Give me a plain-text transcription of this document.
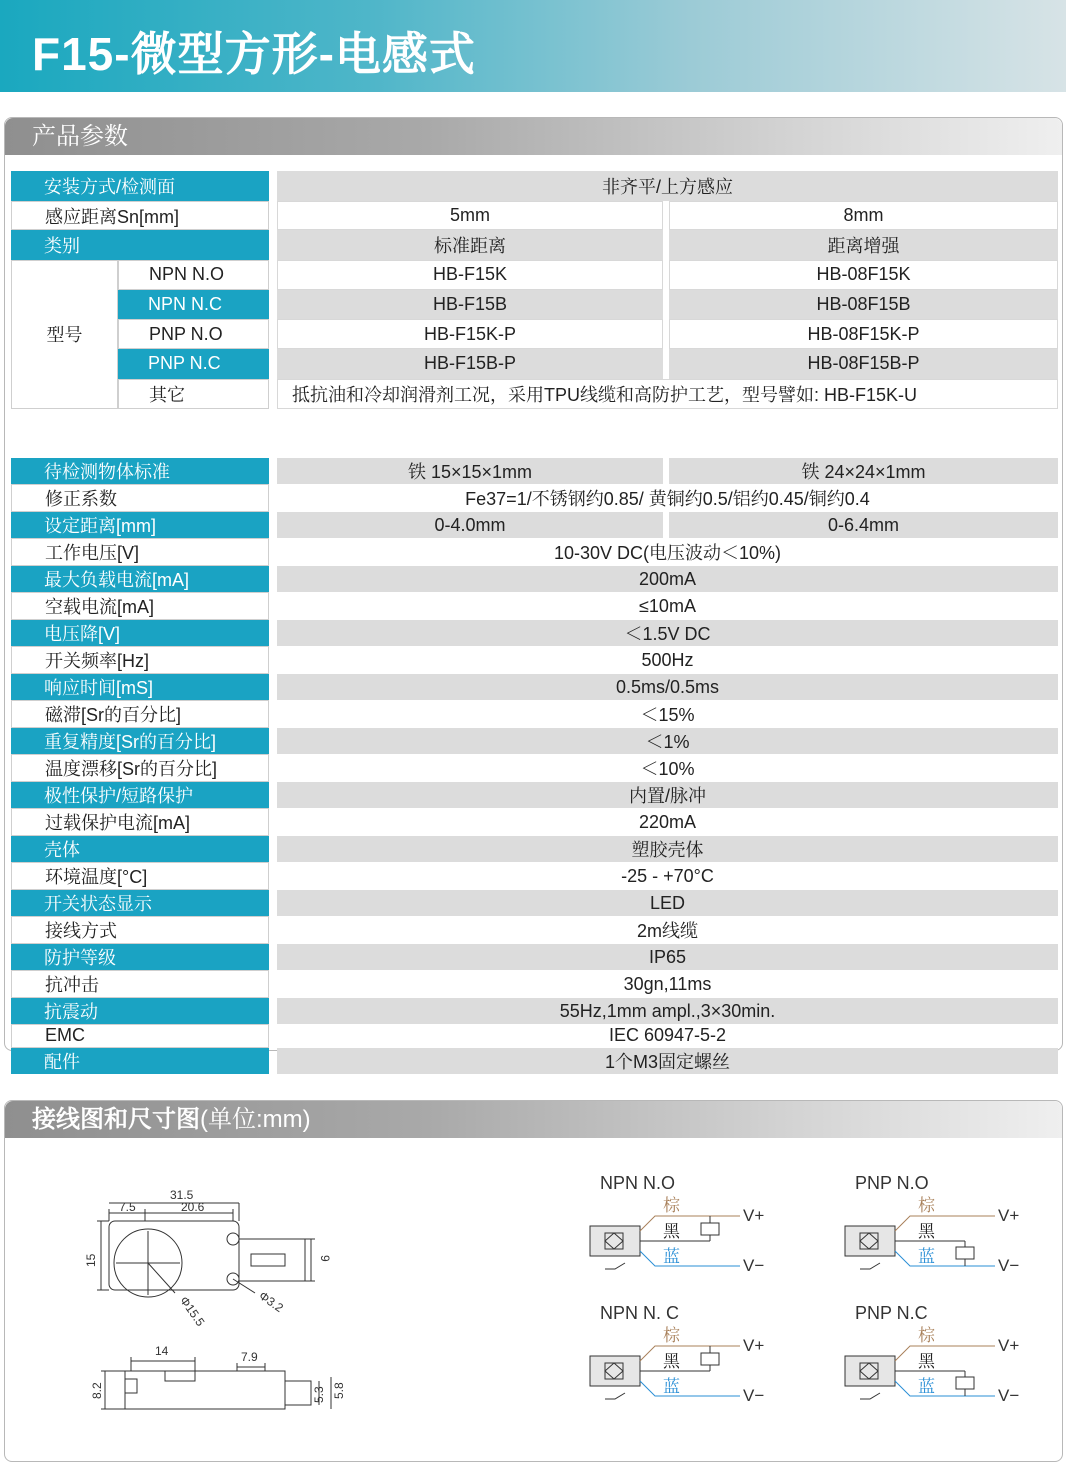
F15-微型方形-电感式
产品参数
安装方式/检测面			非齐平/上方感应		
感应距离Sn[mm]			5mm		8mm
类别			标准距离		距离增强
型号	NPN N.O		HB-F15K		HB-08F15K
	NPN N.C		HB-F15B		HB-08F15B
	PNP N.O		HB-F15K-P		HB-08F15K-P
	PNP N.C		HB-F15B-P		HB-08F15B-P
	其它		抵抗油和冷却润滑剂工况，采用TPU线缆和高防护工艺，型号譬如: HB-F15K-U		
待检测物体标准		铁 15×15×1mm		铁 24×24×1mm
修正系数		Fe37=1/不锈钢约0.85/ 黄铜约0.5/铝约0.45/铜约0.4		
设定距离[mm]		0-4.0mm		0-6.4mm
工作电压[V]		10-30V DC(电压波动＜10%)		
最大负载电流[mA]		200mA		
空载电流[mA]		≤10mA		
电压降[V]		＜1.5V DC		
开关频率[Hz]		500Hz		
响应时间[mS]		0.5ms/0.5ms		
磁滞[Sr的百分比]		＜15%		
重复精度[Sr的百分比]		＜1%		
温度漂移[Sr的百分比]		＜10%		
极性保护/短路保护		内置/脉冲		
过载保护电流[mA]		220mA		
壳体		塑胶壳体		
环境温度[°C]		-25 - +70°C		
开关状态显示		LED		
接线方式		2m线缆		
防护等级		IP65		
抗冲击		30gn,11ms		
抗震动		55Hz,1mm ampl.,3×30min.		
EMC		IEC 60947-5-2		
配件		1个M3固定螺丝		
接线图和尺寸图(单位:mm)
31.5
7.5	20.6
15	9
Φ15.5	Φ3.2
14	7.9
8.2	5.3 5.8
NPN N.O
棕
黑
蓝
V+
V−
PNP N.O
棕
黑
蓝
V+
V−
NPN N. C
棕
黑
蓝
V+
V−
PNP N.C
棕
黑
蓝
V+
V−
